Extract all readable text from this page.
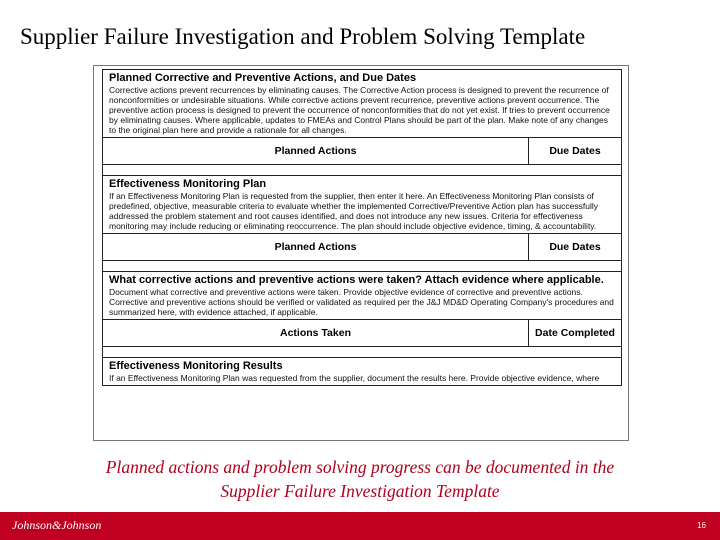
Supplier Failure Investigation and Problem Solving Template
Planned Corrective and Preventive Actions, and Due Dates
Corrective actions prevent recurrences by eliminating causes. The Corrective Action process is designed to prevent the recurrence of nonconformities or undesirable situations. While corrective actions prevent recurrence, preventive actions prevent occurrence. The preventive action process is designed to prevent the occurrence of nonconformities that do not yet exist. If tries to prevent occurrence by eliminating causes. Where applicable, updates to FMEAs and Control Plans should be part of the plan. Make note of any changes to the original plan here and provide a rationale for all changes.
Planned Actions	Due Dates
Effectiveness Monitoring Plan
If an Effectiveness Monitoring Plan is requested from the supplier, then enter it here. An Effectiveness Monitoring Plan consists of predefined, objective, measurable criteria to evaluate whether the implemented Corrective/Preventive Action plan has successfully addressed the problem statement and root causes identified, and does not introduce any new issues. Criteria for effectiveness monitoring may include reducing or eliminating reoccurrence. The plan should include objective evidence, timing, & accountability.
Planned Actions	Due Dates
What corrective actions and preventive actions were taken? Attach evidence where applicable.
Document what corrective and preventive actions were taken. Provide objective evidence of corrective and preventive actions. Corrective and preventive actions should be verified or validated as required per the J&J MD&D Operating Company's procedures and summarized here, with evidence attached, if applicable.
Actions Taken	Date Completed
Effectiveness Monitoring Results
If an Effectiveness Monitoring Plan was requested from the supplier, document the results here. Provide objective evidence, where
Planned actions and problem solving progress can be documented in the
Supplier Failure Investigation Template
Johnson&Johnson	16
